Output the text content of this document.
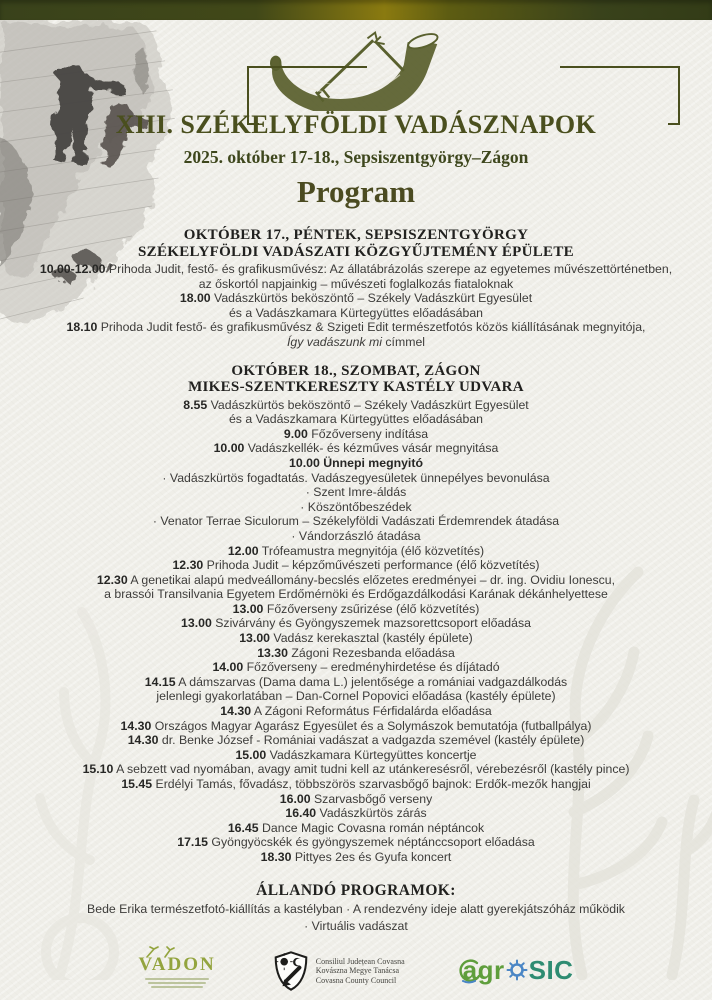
XIII. SZÉKELYFÖLDI VADÁSZNAPOK
2025. október 17-18., Sepsiszentgyörgy–Zágon
Program
OKTÓBER 17., PÉNTEK, SEPSISZENTGYÖRGY
SZÉKELYFÖLDI VADÁSZATI KÖZGYŰJTEMÉNY ÉPÜLETE
10.00-12.00 Prihoda Judit, festő- és grafikusművész: Az állatábrázolás szerepe az egyetemes művészettörténetben,
az őskortól napjainkig – művészeti foglalkozás fiataloknak
18.00 Vadászkürtös beköszöntő – Székely Vadászkürt Egyesület
és a Vadászkamara Kürtegyüttes előadásában
18.10 Prihoda Judit festő- és grafikusművész & Szigeti Edit természetfotós közös kiállításának megnyitója,
Így vadászunk mi címmel
OKTÓBER 18., SZOMBAT, ZÁGON
MIKES-SZENTKERESZTY KASTÉLY UDVARA
8.55 Vadászkürtös beköszöntő – Székely Vadászkürt Egyesület
és a Vadászkamara Kürtegyüttes előadásában
9.00 Főzőverseny indítása
10.00 Vadászkellék- és kézműves vásár megnyitása
10.00 Ünnepi megnyitó
· Vadászkürtös fogadtatás. Vadászegyesületek ünnepélyes bevonulása
· Szent Imre-áldás
· Köszöntőbeszédek
· Venator Terrae Siculorum – Székelyföldi Vadászati Érdemrendek átadása
· Vándorzászló átadása
12.00 Trófeamustra megnyitója (élő közvetítés)
12.30 Prihoda Judit – képzőművészeti performance (élő közvetítés)
12.30 A genetikai alapú medveállomány-becslés előzetes eredményei – dr. ing. Ovidiu Ionescu,
a brassói Transilvania Egyetem Erdőmérnöki és Erdőgazdálkodási Karának dékánhelyettese
13.00 Főzőverseny zsűrizése (élő közvetítés)
13.00 Szivárvány és Gyöngyszemek mazsorettcsoport előadása
13.00 Vadász kerekasztal (kastély épülete)
13.30 Zágoni Rezesbanda előadása
14.00 Főzőverseny – eredményhirdetése és díjátadó
14.15 A dámszarvas (Dama dama L.) jelentősége a romániai vadgazdálkodás
jelenlegi gyakorlatában – Dan-Cornel Popovici előadása (kastély épülete)
14.30 A Zágoni Református Férfidalárda előadása
14.30 Országos Magyar Agarász Egyesület és a Solymászok bemutatója (futballpálya)
14.30 dr. Benke József - Romániai vadászat a vadgazda szemével (kastély épülete)
15.00 Vadászkamara Kürtegyüttes koncertje
15.10 A sebzett vad nyomában, avagy amit tudni kell az utánkeresésről, vérebezésről (kastély pince)
15.45 Erdélyi Tamás, fővadász, többszörös szarvasbőgő bajnok: Erdők-mezők hangjai
16.00 Szarvasbőgő verseny
16.40 Vadászkürtös zárás
16.45 Dance Magic Covasna román néptáncok
17.15 Gyöngyöcskék és gyöngyszemek néptánccsoport előadása
18.30 Pittyes 2es és Gyufa koncert
ÁLLANDÓ PROGRAMOK:
Bede Erika természetfotó-kiállítás a kastélyban · A rendezvény ideje alatt gyerekjátszóház működik
· Virtuális vadászat
VADON	Consiliul Județean Covasna
Kovászna Megye Tanácsa
Covasna County Council	agr SIC
